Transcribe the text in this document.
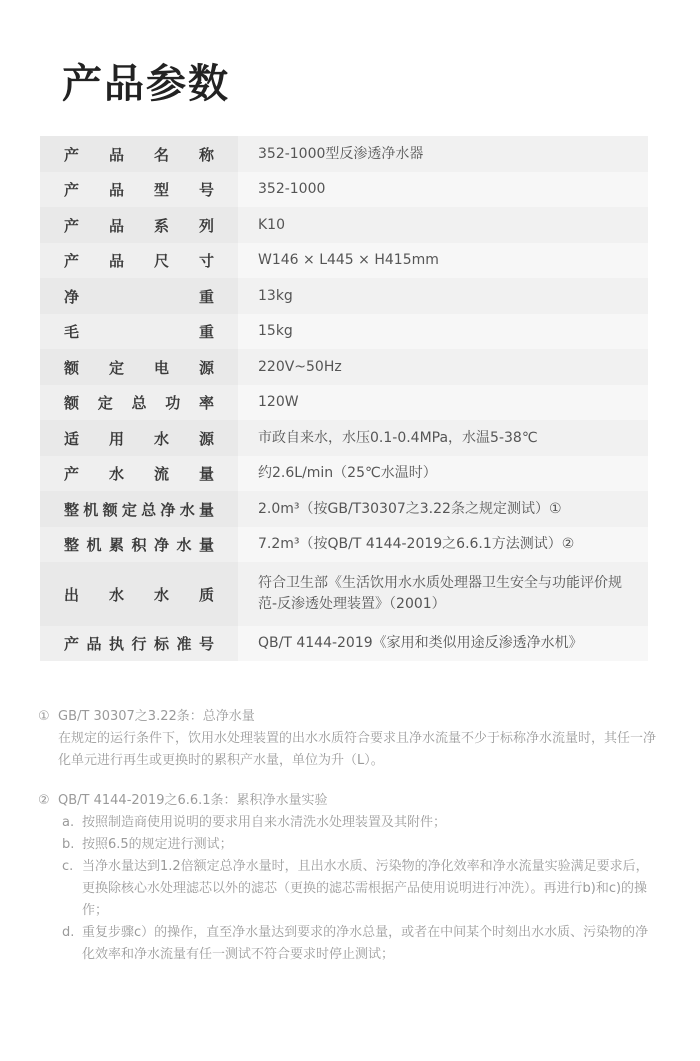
产品参数
产品名称	352-1000型反渗透净水器
产品型号	352-1000
产品系列	K10
产品尺寸	W146 × L445 × H415mm
净重	13kg
毛重	15kg
额定电源	220V~50Hz
额定总功率	120W
适用水源	市政自来水，水压0.1-0.4MPa，水温5-38℃
产水流量	约2.6L/min（25℃水温时）
整机额定总净水量	2.0m³（按GB/T30307之3.22条之规定测试）①
整机累积净水量	7.2m³（按QB/T 4144-2019之6.6.1方法测试）②
出水水质
符合卫生部《生活饮用水水质处理器卫生安全与功能评价规范-反渗透处理装置》（2001）
产品执行标准号	QB/T 4144-2019《家用和类似用途反渗透净水机》
① GB/T 30307之3.22条：总净水量
在规定的运行条件下，饮用水处理装置的出水水质符合要求且净水流量不少于标称净水流量时，其任一净化单元进行再生或更换时的累积产水量，单位为升（L）。
② QB/T 4144-2019之6.6.1条：累积净水量实验
a. 按照制造商使用说明的要求用自来水清洗水处理装置及其附件；
b. 按照6.5的规定进行测试；
c. 当净水量达到1.2倍额定总净水量时，且出水水质、污染物的净化效率和净水流量实验满足要求后，更换除核心水处理滤芯以外的滤芯（更换的滤芯需根据产品使用说明进行冲洗）。再进行b)和c)的操作；
d. 重复步骤c）的操作，直至净水量达到要求的净水总量，或者在中间某个时刻出水水质、污染物的净化效率和净水流量有任一测试不符合要求时停止测试；
